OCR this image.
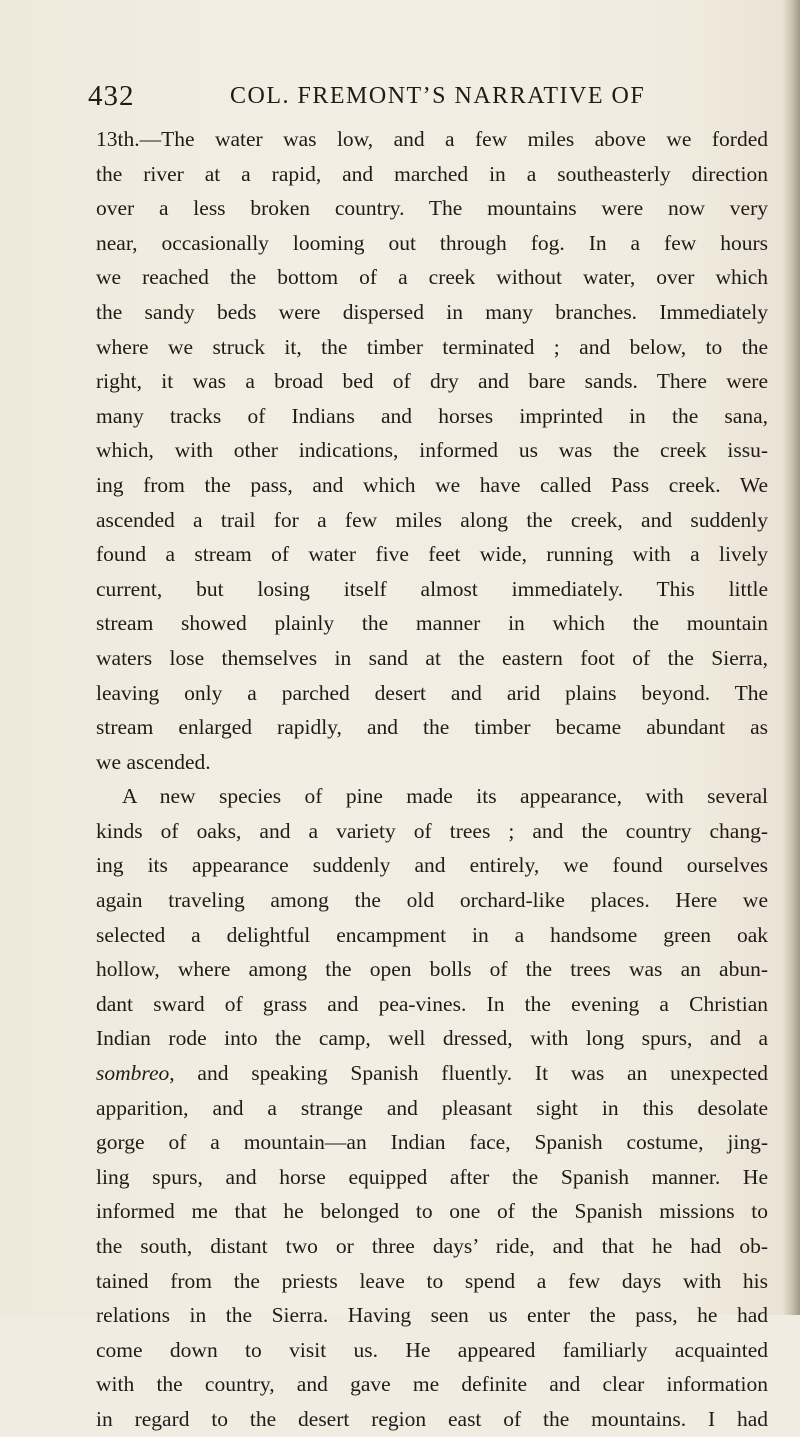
432	COL. FREMONT’S NARRATIVE OF
13th.—The water was low, and a few miles above we forded
the river at a rapid, and marched in a southeasterly direction
over a less broken country. The mountains were now very
near, occasionally looming out through fog. In a few hours
we reached the bottom of a creek without water, over which
the sandy beds were dispersed in many branches. Immediately
where we struck it, the timber terminated ; and below, to the
right, it was a broad bed of dry and bare sands. There were
many tracks of Indians and horses imprinted in the sana,
which, with other indications, informed us was the creek issu-
ing from the pass, and which we have called Pass creek. We
ascended a trail for a few miles along the creek, and suddenly
found a stream of water five feet wide, running with a lively
current, but losing itself almost immediately. This little
stream showed plainly the manner in which the mountain
waters lose themselves in sand at the eastern foot of the Sierra,
leaving only a parched desert and arid plains beyond. The
stream enlarged rapidly, and the timber became abundant as
we ascended.
A new species of pine made its appearance, with several
kinds of oaks, and a variety of trees ; and the country chang-
ing its appearance suddenly and entirely, we found ourselves
again traveling among the old orchard-like places. Here we
selected a delightful encampment in a handsome green oak
hollow, where among the open bolls of the trees was an abun-
dant sward of grass and pea-vines. In the evening a Christian
Indian rode into the camp, well dressed, with long spurs, and a
sombreo, and speaking Spanish fluently. It was an unexpected
apparition, and a strange and pleasant sight in this desolate
gorge of a mountain—an Indian face, Spanish costume, jing-
ling spurs, and horse equipped after the Spanish manner. He
informed me that he belonged to one of the Spanish missions to
the south, distant two or three days’ ride, and that he had ob-
tained from the priests leave to spend a few days with his
relations in the Sierra. Having seen us enter the pass, he had
come down to visit us. He appeared familiarly acquainted
with the country, and gave me definite and clear information
in regard to the desert region east of the mountains. I had
